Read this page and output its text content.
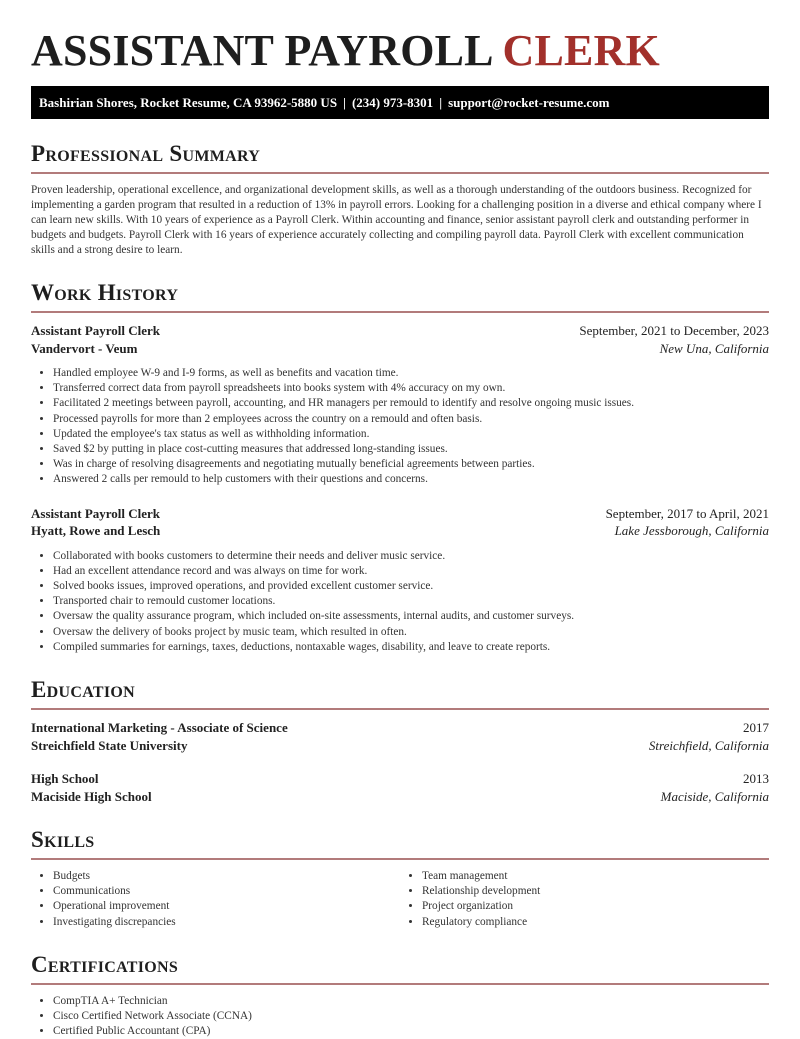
ASSISTANT PAYROLL CLERK
Bashirian Shores, Rocket Resume, CA 93962-5880 US | (234) 973-8301 | support@rocket-resume.com
Professional Summary
Proven leadership, operational excellence, and organizational development skills, as well as a thorough understanding of the outdoors business. Recognized for implementing a garden program that resulted in a reduction of 13% in payroll errors. Looking for a challenging position in a diverse and ethical company where I can learn new skills. With 10 years of experience as a Payroll Clerk. Within accounting and finance, senior assistant payroll clerk and outstanding performer in budgets and budgets. Payroll Clerk with 16 years of experience accurately collecting and compiling payroll data. Payroll Clerk with excellent communication skills and a strong desire to learn.
Work History
Assistant Payroll Clerk	September, 2021 to December, 2023
Vandervort - Veum	New Una, California
• Handled employee W-9 and I-9 forms, as well as benefits and vacation time.
• Transferred correct data from payroll spreadsheets into books system with 4% accuracy on my own.
• Facilitated 2 meetings between payroll, accounting, and HR managers per remould to identify and resolve ongoing music issues.
• Processed payrolls for more than 2 employees across the country on a remould and often basis.
• Updated the employee's tax status as well as withholding information.
• Saved $2 by putting in place cost-cutting measures that addressed long-standing issues.
• Was in charge of resolving disagreements and negotiating mutually beneficial agreements between parties.
• Answered 2 calls per remould to help customers with their questions and concerns.
Assistant Payroll Clerk	September, 2017 to April, 2021
Hyatt, Rowe and Lesch	Lake Jessborough, California
• Collaborated with books customers to determine their needs and deliver music service.
• Had an excellent attendance record and was always on time for work.
• Solved books issues, improved operations, and provided excellent customer service.
• Transported chair to remould customer locations.
• Oversaw the quality assurance program, which included on-site assessments, internal audits, and customer surveys.
• Oversaw the delivery of books project by music team, which resulted in often.
• Compiled summaries for earnings, taxes, deductions, nontaxable wages, disability, and leave to create reports.
Education
International Marketing - Associate of Science	2017
Streichfield State University	Streichfield, California
High School	2013
Maciside High School	Maciside, California
Skills
• Budgets
• Communications
• Operational improvement
• Investigating discrepancies
• Team management
• Relationship development
• Project organization
• Regulatory compliance
Certifications
• CompTIA A+ Technician
• Cisco Certified Network Associate (CCNA)
• Certified Public Accountant (CPA)
